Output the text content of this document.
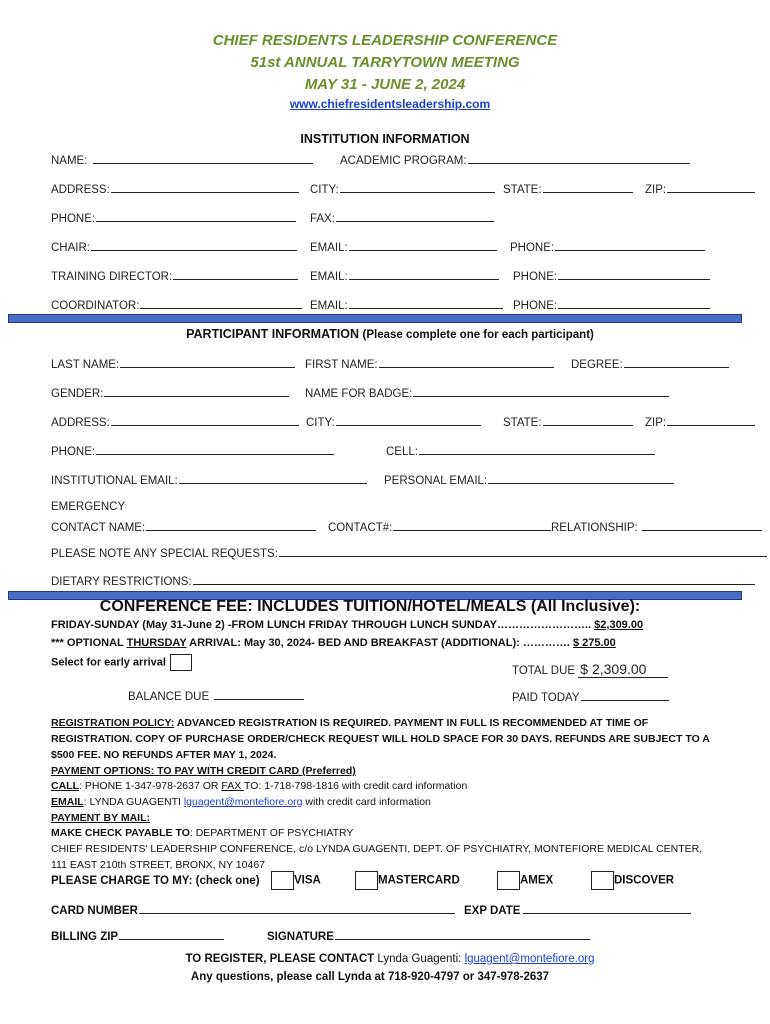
CHIEF RESIDENTS LEADERSHIP CONFERENCE
51st ANNUAL TARRYTOWN MEETING
MAY 31 - JUNE 2, 2024
www.chiefresidentsleadership.com
INSTITUTION INFORMATION
NAME:	ACADEMIC PROGRAM:
ADDRESS:	CITY:	STATE:	ZIP:
PHONE:	FAX:
CHAIR:	EMAIL:	PHONE:
TRAINING DIRECTOR:	EMAIL:	PHONE:
COORDINATOR:	EMAIL:	PHONE:
PARTICIPANT INFORMATION (Please complete one for each participant)
LAST NAME:	FIRST NAME:	DEGREE:
GENDER:	NAME FOR BADGE:
ADDRESS:	CITY:	STATE:	ZIP:
PHONE:	CELL:
INSTITUTIONAL EMAIL:	PERSONAL EMAIL:
EMERGENCY
CONTACT NAME:	CONTACT#:	RELATIONSHIP:
PLEASE NOTE ANY SPECIAL REQUESTS:
DIETARY RESTRICTIONS:
CONFERENCE FEE: INCLUDES TUITION/HOTEL/MEALS (All Inclusive):
FRIDAY-SUNDAY (May 31-June 2) -FROM LUNCH FRIDAY THROUGH LUNCH SUNDAY…………………….. $2,309.00
*** OPTIONAL THURSDAY ARRIVAL: May 30, 2024- BED AND BREAKFAST (ADDITIONAL): …………. $ 275.00
Select for early arrival
TOTAL DUE $ 2,309.00
BALANCE DUE	PAID TODAY
REGISTRATION POLICY: ADVANCED REGISTRATION IS REQUIRED. PAYMENT IN FULL IS RECOMMENDED AT TIME OF
REGISTRATION. COPY OF PURCHASE ORDER/CHECK REQUEST WILL HOLD SPACE FOR 30 DAYS. REFUNDS ARE SUBJECT TO A
$500 FEE. NO REFUNDS AFTER MAY 1, 2024.
PAYMENT OPTIONS: TO PAY WITH CREDIT CARD (Preferred)
CALL: PHONE 1-347-978-2637 OR FAX TO: 1-718-798-1816 with credit card information
EMAIL: LYNDA GUAGENTI lguagent@montefiore.org with credit card information
PAYMENT BY MAIL:
MAKE CHECK PAYABLE TO: DEPARTMENT OF PSYCHIATRY
CHIEF RESIDENTS' LEADERSHIP CONFERENCE, c/o LYNDA GUAGENTI, DEPT. OF PSYCHIATRY, MONTEFIORE MEDICAL CENTER,
111 EAST 210th STREET, BRONX, NY 10467
PLEASE CHARGE TO MY: (check one)	VISA	MASTERCARD	AMEX	DISCOVER
CARD NUMBER	EXP DATE
BILLING ZIP	SIGNATURE
TO REGISTER, PLEASE CONTACT Lynda Guagenti: lguagent@montefiore.org
Any questions, please call Lynda at 718-920-4797 or 347-978-2637
